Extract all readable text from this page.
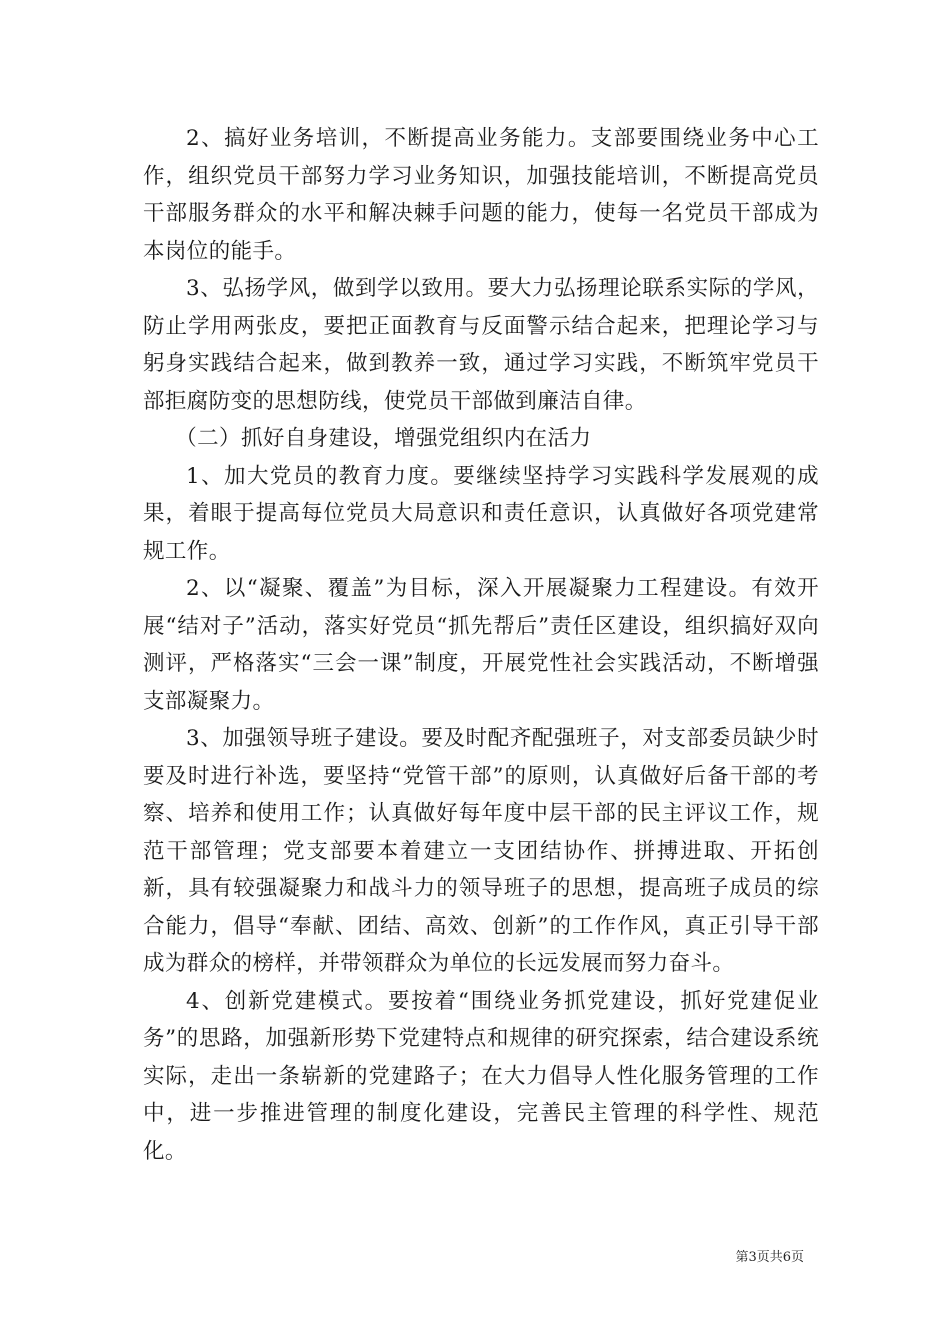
2、搞好业务培训，不断提高业务能力。支部要围绕业务中心工作，组织党员干部努力学习业务知识，加强技能培训，不断提高党员干部服务群众的水平和解决棘手问题的能力，使每一名党员干部成为本岗位的能手。

3、弘扬学风，做到学以致用。要大力弘扬理论联系实际的学风，防止学用两张皮，要把正面教育与反面警示结合起来，把理论学习与躬身实践结合起来，做到教养一致，通过学习实践，不断筑牢党员干部拒腐防变的思想防线，使党员干部做到廉洁自律。

（二）抓好自身建设，增强党组织内在活力

1、加大党员的教育力度。要继续坚持学习实践科学发展观的成果，着眼于提高每位党员大局意识和责任意识，认真做好各项党建常规工作。

2、以“凝聚、覆盖”为目标，深入开展凝聚力工程建设。有效开展“结对子”活动，落实好党员“抓先帮后”责任区建设，组织搞好双向测评，严格落实“三会一课”制度，开展党性社会实践活动，不断增强支部凝聚力。

3、加强领导班子建设。要及时配齐配强班子，对支部委员缺少时要及时进行补选，要坚持“党管干部”的原则，认真做好后备干部的考察、培养和使用工作；认真做好每年度中层干部的民主评议工作，规范干部管理；党支部要本着建立一支团结协作、拼搏进取、开拓创新，具有较强凝聚力和战斗力的领导班子的思想，提高班子成员的综合能力，倡导“奉献、团结、高效、创新”的工作作风，真正引导干部成为群众的榜样，并带领群众为单位的长远发展而努力奋斗。

4、创新党建模式。要按着“围绕业务抓党建设，抓好党建促业务”的思路，加强新形势下党建特点和规律的研究探索，结合建设系统实际，走出一条崭新的党建路子；在大力倡导人性化服务管理的工作中，进一步推进管理的制度化建设，完善民主管理的科学性、规范化。

第3页共6页
